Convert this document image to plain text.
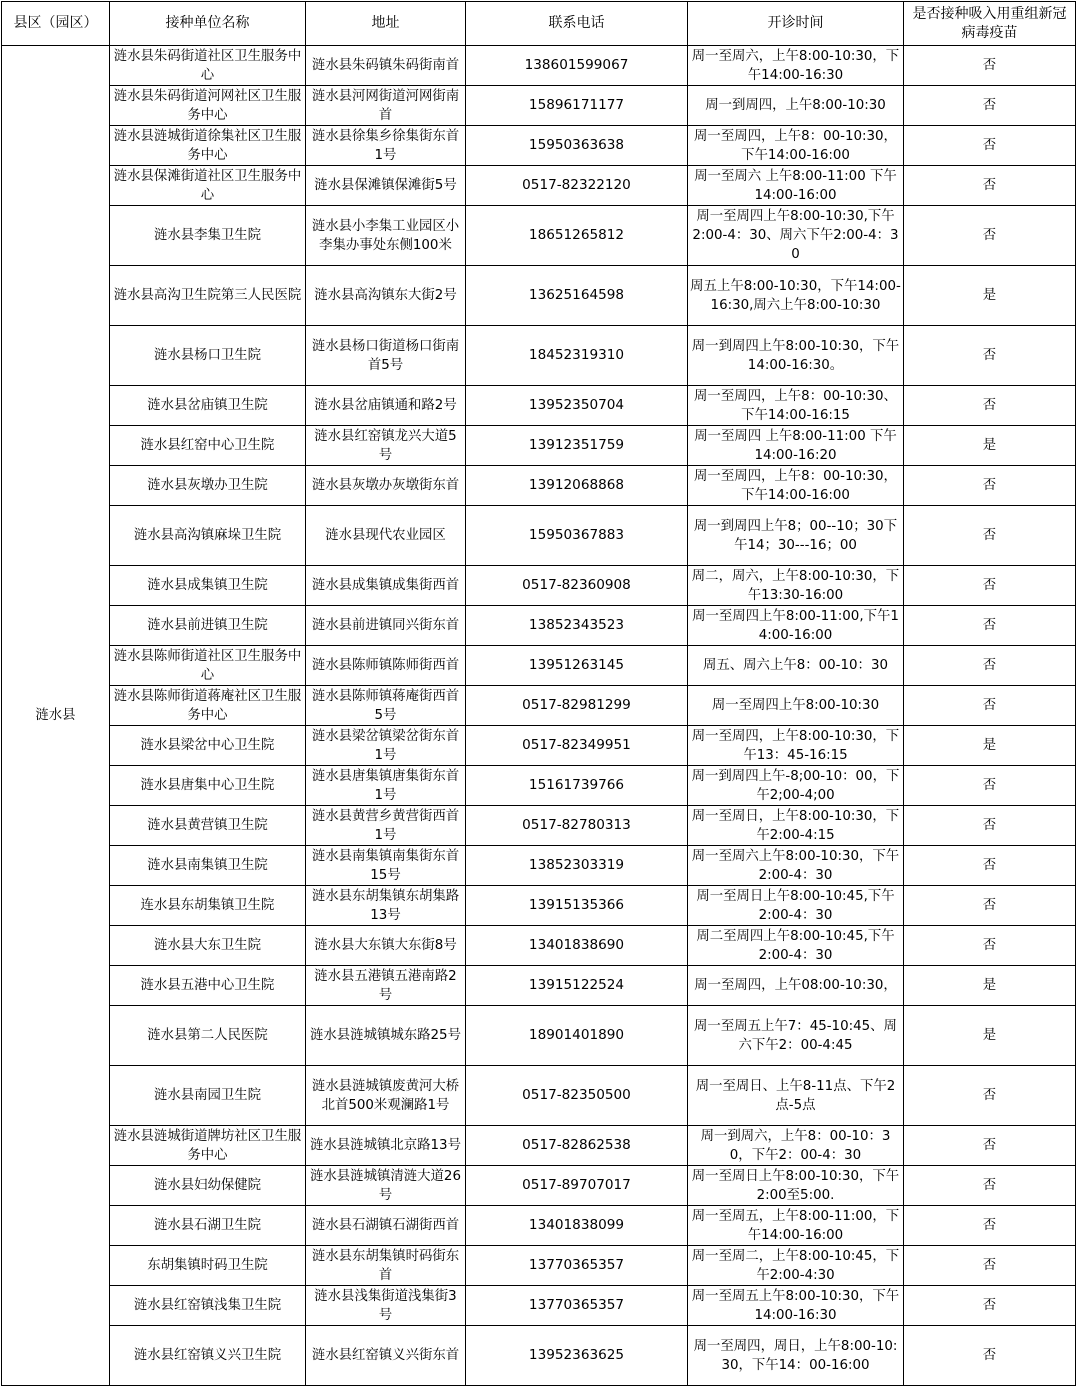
县区（园区）	接种单位名称	地址	联系电话	开诊时间	是否接种吸入用重组新冠病毒疫苗
涟水县	涟水县朱码街道社区卫生服务中心	涟水县朱码镇朱码街南首	138601599067	周一至周六，上午8:00-10:30，下午14:00-16:30	否
	涟水县朱码街道河网社区卫生服务中心	涟水县河网街道河网街南首	15896171177	周一到周四，上午8:00-10:30	否
	涟水县涟城街道徐集社区卫生服务中心	涟水县徐集乡徐集街东首1号	15950363638	周一至周四，上午8：00-10:30，下午14:00-16:00	否
	涟水县保滩街道社区卫生服务中心	涟水县保滩镇保滩街5号	0517-82322120	周一至周六 上午8:00-11:00 下午14:00-16:00	否
	涟水县李集卫生院	涟水县小李集工业园区小李集办事处东侧100米	18651265812	周一至周四上午8:00-10:30,下午2:00-4：30、周六下午2:00-4：30	否
	涟水县高沟卫生院第三人民医院	涟水县高沟镇东大街2号	13625164598	周五上午8:00-10:30，下午14:00-16:30,周六上午8:00-10:30	是
	涟水县杨口卫生院	涟水县杨口街道杨口街南首5号	18452319310	周一到周四上午8:00-10:30，下午14:00-16:30。	否
	涟水县岔庙镇卫生院	涟水县岔庙镇通和路2号	13952350704	周一至周四，上午8：00-10:30、下午14:00-16:15	否
	涟水县红窑中心卫生院	涟水县红窑镇龙兴大道5号	13912351759	周一至周四 上午8:00-11:00 下午14:00-16:20	是
	涟水县灰墩办卫生院	涟水县灰墩办灰墩街东首	13912068868	周一至周四，上午8：00-10:30，下午14:00-16:00	否
	涟水县高沟镇麻垛卫生院	涟水县现代农业园区	15950367883	周一到周四上午8；00--10；30下午14；30---16；00	否
	涟水县成集镇卫生院	涟水县成集镇成集街西首	0517-82360908	周二，周六，上午8:00-10:30，下午13:30-16:00	否
	涟水县前进镇卫生院	涟水县前进镇同兴街东首	13852343523	周一至周四上午8:00-11:00,下午14:00-16:00	否
	涟水县陈师街道社区卫生服务中心	涟水县陈师镇陈师街西首	13951263145	周五、周六上午8：00-10：30	否
	涟水县陈师街道蒋庵社区卫生服务中心	涟水县陈师镇蒋庵街西首5号	0517-82981299	周一至周四上午8:00-10:30	否
	涟水县梁岔中心卫生院	涟水县梁岔镇梁岔街东首1号	0517-82349951	周一至周四，上午8:00-10:30，下午13：45-16:15	是
	涟水县唐集中心卫生院	涟水县唐集镇唐集街东首1号	15161739766	周一到周四上午-8;00-10：00，下午2;00-4;00	否
	涟水县黄营镇卫生院	涟水县黄营乡黄营街西首1号	0517-82780313	周一至周日，上午8:00-10:30，下午2:00-4:15	否
	涟水县南集镇卫生院	涟水县南集镇南集街东首15号	13852303319	周一至周六上午8:00-10:30，下午2:00-4：30	否
	连水县东胡集镇卫生院	涟水县东胡集镇东胡集路13号	13915135366	周一至周日上午8:00-10:45,下午2:00-4：30	否
	涟水县大东卫生院	涟水县大东镇大东街8号	13401838690	周二至周四上午8:00-10:45,下午2:00-4：30	否
	涟水县五港中心卫生院	涟水县五港镇五港南路2号	13915122524	周一至周四，上午08:00-10:30，	是
	涟水县第二人民医院	涟水县涟城镇城东路25号	18901401890	周一至周五上午7：45-10:45、周六下午2：00-4:45	是
	涟水县南园卫生院	涟水县涟城镇废黄河大桥北首500米观澜路1号	0517-82350500	周一至周日、上午8-11点、下午2点-5点	否
	涟水县涟城街道牌坊社区卫生服务中心	涟水县涟城镇北京路13号	0517-82862538	周一到周六，上午8：00-10：30，下午2：00-4：30	否
	涟水县妇幼保健院	涟水县涟城镇清涟大道26号	0517-89707017	周一至周日上午8:00-10:30，下午2:00至5:00.	否
	涟水县石湖卫生院	涟水县石湖镇石湖街西首	13401838099	周一至周五，上午8:00-11:00，下午14:00-16:00	否
	东胡集镇时码卫生院	涟水县东胡集镇时码街东首	13770365357	周一至周二，上午8:00-10:45，下午2:00-4:30	否
	涟水县红窑镇浅集卫生院	涟水县浅集街道浅集街3号	13770365357	周一至周五上午8:00-10:30，下午14:00-16:30	否
	涟水县红窑镇义兴卫生院	涟水县红窑镇义兴街东首	13952363625	周一至周四，周日，上午8:00-10:30，下午14：00-16:00	否
